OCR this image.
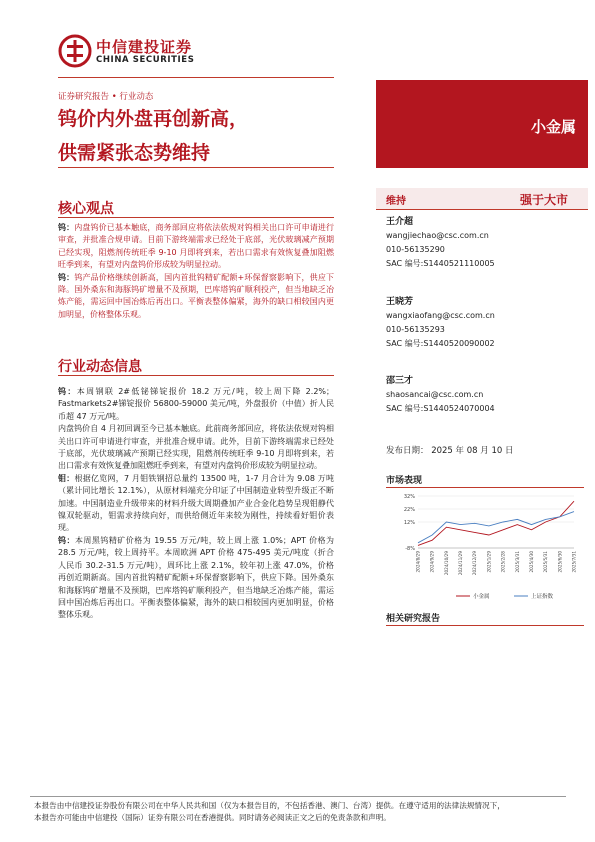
中信建投证券
CHINA SECURITIES
证券研究报告 • 行业动态
钨价内外盘再创新高，
供需紧张态势维持
小金属
维持	强于大市
王介超
wangjiechao@csc.com.cn
010-56135290
SAC 编号:S1440521110005
王晓芳
wangxiaofang@csc.com.cn
010-56135293
SAC 编号:S1440520090002
邵三才
shaosancai@csc.com.cn
SAC 编号:S1440524070004
发布日期： 2025 年 08 月 10 日
市场表现
32%
22%
12%
-8%
2024/8/29 2024/9/29 2024/10/29 2024/11/29 2024/12/29 2025/1/29 2025/2/28 2025/3/31 2025/4/30 2025/5/31 2025/6/30 2025/7/31
小金属	上证指数
相关研究报告
核心观点

钨：内盘钨价已基本触底，商务部回应将依法依规对钨相关出口许可申请进行审查，并批准合规申请。目前下游终端需求已经处于底部，光伏玻璃减产预期已经实现，阻燃剂传统旺季 9-10 月即将到来，若出口需求有效恢复叠加阻燃旺季到来，有望对内盘钨价形成较为明显拉动。

钨：钨产品价格继续创新高，国内首批钨精矿配额+环保督察影响下，供应下降。国外桑东和海豚钨矿增量不及预期，巴库塔钨矿顺利投产，但当地缺乏冶炼产能，需运回中国冶炼后再出口。平衡表整体偏紧，海外的缺口相较国内更加明显，价格整体乐观。

行业动态信息

钨：本周钢联 2#低铋锑锭报价 18.2 万元/吨，较上周下降 2.2%；Fastmarkets2#锑锭报价 56800-59000 美元/吨，外盘报价（中值）折人民币超 47 万元/吨。

内盘钨价自 4 月初回调至今已基本触底。此前商务部回应，将依法依规对钨相关出口许可申请进行审查，并批准合规申请。此外，目前下游终端需求已经处于底部，光伏玻璃减产预期已经实现，阻燃剂传统旺季 9-10 月即将到来，若出口需求有效恢复叠加阻燃旺季到来，有望对内盘钨价形成较为明显拉动。

钼：根据亿览网，7 月钼铁钢招总量约 13500 吨，1-7 月合计为 9.08 万吨（累计同比增长 12.1%），从原材料端充分印证了中国制造业转型升级正不断加速。中国制造业升级带来的材料升级大周期叠加产业合金化趋势呈现钼静代镍双轮驱动，钼需求持续向好，而供给侧近年来较为刚性，持续看好钼价表现。

钨：本周黑钨精矿价格为 19.55 万元/吨，较上周上涨 1.0%；APT 价格为 28.5 万元/吨，较上周持平。本周欧洲 APT 价格 475-495 美元/吨度（折合人民币 30.2-31.5 万元/吨），周环比上涨 2.1%，较年初上涨 47.0%，价格再创近期新高。国内首批钨精矿配额+环保督察影响下，供应下降。国外桑东和海豚钨矿增量不及预期，巴库塔钨矿顺利投产，但当地缺乏冶炼产能，需运回中国冶炼后再出口。平衡表整体偏紧，海外的缺口相较国内更加明显，价格整体乐观。

本报告由中信建投证券股份有限公司在中华人民共和国（仅为本报告目的，不包括香港、澳门、台湾）提供。在遵守适用的法律法规情况下，
本报告亦可能由中信建投（国际）证券有限公司在香港提供。同时请务必阅读正文之后的免责条款和声明。
